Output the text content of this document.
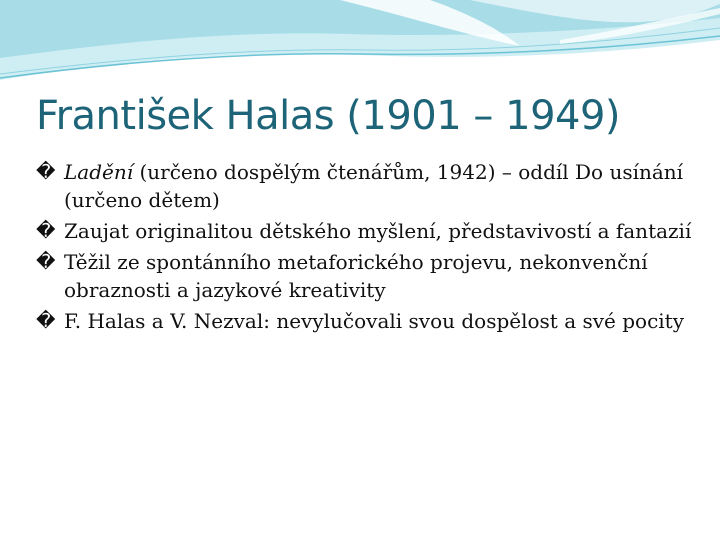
František Halas (1901 – 1949)
� Ladění (určeno dospělým čtenářům, 1942) – oddíl Do usínání (určeno dětem)
� Zaujat originalitou dětského myšlení, představivostí a fantazií
� Těžil ze spontánního metaforického projevu, nekonvenční obraznosti a jazykové kreativity
� F. Halas a V. Nezval: nevylučovali svou dospělost a své pocity
